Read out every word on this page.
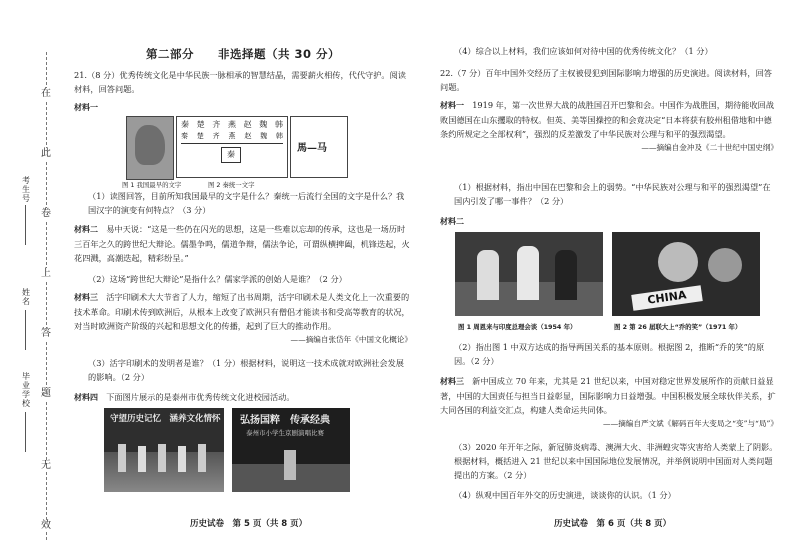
在
此
卷
上
答
题
无
效
考生号
姓名
毕业学校
第二部分　　非选择题（共 30 分）

21.（8 分）优秀传统文化是中华民族一脉相承的智慧结晶，需要薪火相传，代代守护。阅读材料，回答问题。

材料一
图 1 我国最早的文字
秦 楚 齐 燕 赵 魏 韩
秦 楚 齐 燕 赵 魏 韩
秦
图 2 秦统一文字
馬—马

（1）读图回答，目前所知我国最早的文字是什么？秦统一后流行全国的文字是什么？我国汉字的演变有何特点？（3 分）

材料二　 易中天说：“这是一些仍在闪光的思想，这是一些难以忘却的传承，这也是一场历时三百年之久的跨世纪大辩论。儒墨争鸣，儒道争辩，儒法争论，可谓纵横捭阖，机锋迭起，火花四溅，高潮迭起，精彩纷呈。”

（2）这场“跨世纪大辩论”是指什么？儒家学派的创始人是谁？（2 分）

材料三　 活字印刷术大大节省了人力，缩短了出书周期，活字印刷术是人类文化上一次重要的技术革命。印刷术传到欧洲后，从根本上改变了欧洲只有僧侣才能读书和受高等教育的状况，对当时欧洲资产阶级的兴起和思想文化的传播，起到了巨大的推动作用。

——摘编自张岱年《中国文化概论》

（3）活字印刷术的发明者是谁？（1 分）根据材料，说明这一技术成就对欧洲社会发展的影响。（2 分）

材料四　 下面图片展示的是泰州市优秀传统文化进校园活动。

守望历史记忆　涵养文化情怀 弘扬国粹　传承经典
泰州市小学生京剧演唱比赛
历史试卷　第 5 页（共 8 页）

（4）综合以上材料，我们应该如何对待中国的优秀传统文化？（1 分）

22.（7 分）百年中国外交经历了主权被侵犯到国际影响力增强的历史演进。阅读材料，回答问题。

材料一　 1919 年，第一次世界大战的战胜国召开巴黎和会。中国作为战胜国，期待能收回战败国德国在山东攫取的特权。但英、美等国操控的和会竟决定“日本将获有胶州租借地和中德条约所规定之全部权利”，强烈的反差激发了中华民族对公理与和平的强烈渴望。

——摘编自金冲及《二十世纪中国史纲》

（1）根据材料，指出中国在巴黎和会上的弱势。“中华民族对公理与和平的强烈渴望”在国内引发了哪一事件？（2 分）

材料二
CHINA
图 1 周恩来与印度总理会谈（1954 年）	图 2 第 26 届联大上“乔的笑”（1971 年）

（2）指出图 1 中双方达成的指导两国关系的基本原则。根据图 2，推断“乔的笑”的原因。（2 分）

材料三　 新中国成立 70 年来，尤其是 21 世纪以来，中国对稳定世界发展所作的贡献日益显著，中国的大国责任与担当日益彰显，国际影响力日益增强。中国积极发展全球伙伴关系，扩大同各国的利益交汇点，构建人类命运共同体。

——摘编自严文斌《解码百年大变局之“变”与“局”》

（3）2020 年开年之际，新冠肺炎病毒、澳洲大火、非洲蝗灾等灾害给人类蒙上了阴影。根据材料，概括进入 21 世纪以来中国国际地位发展情况，并举例说明中国面对人类问题提出的方案。（2 分）

（4）纵观中国百年外交的历史演进，谈谈你的认识。（1 分）

历史试卷　第 6 页（共 8 页）
